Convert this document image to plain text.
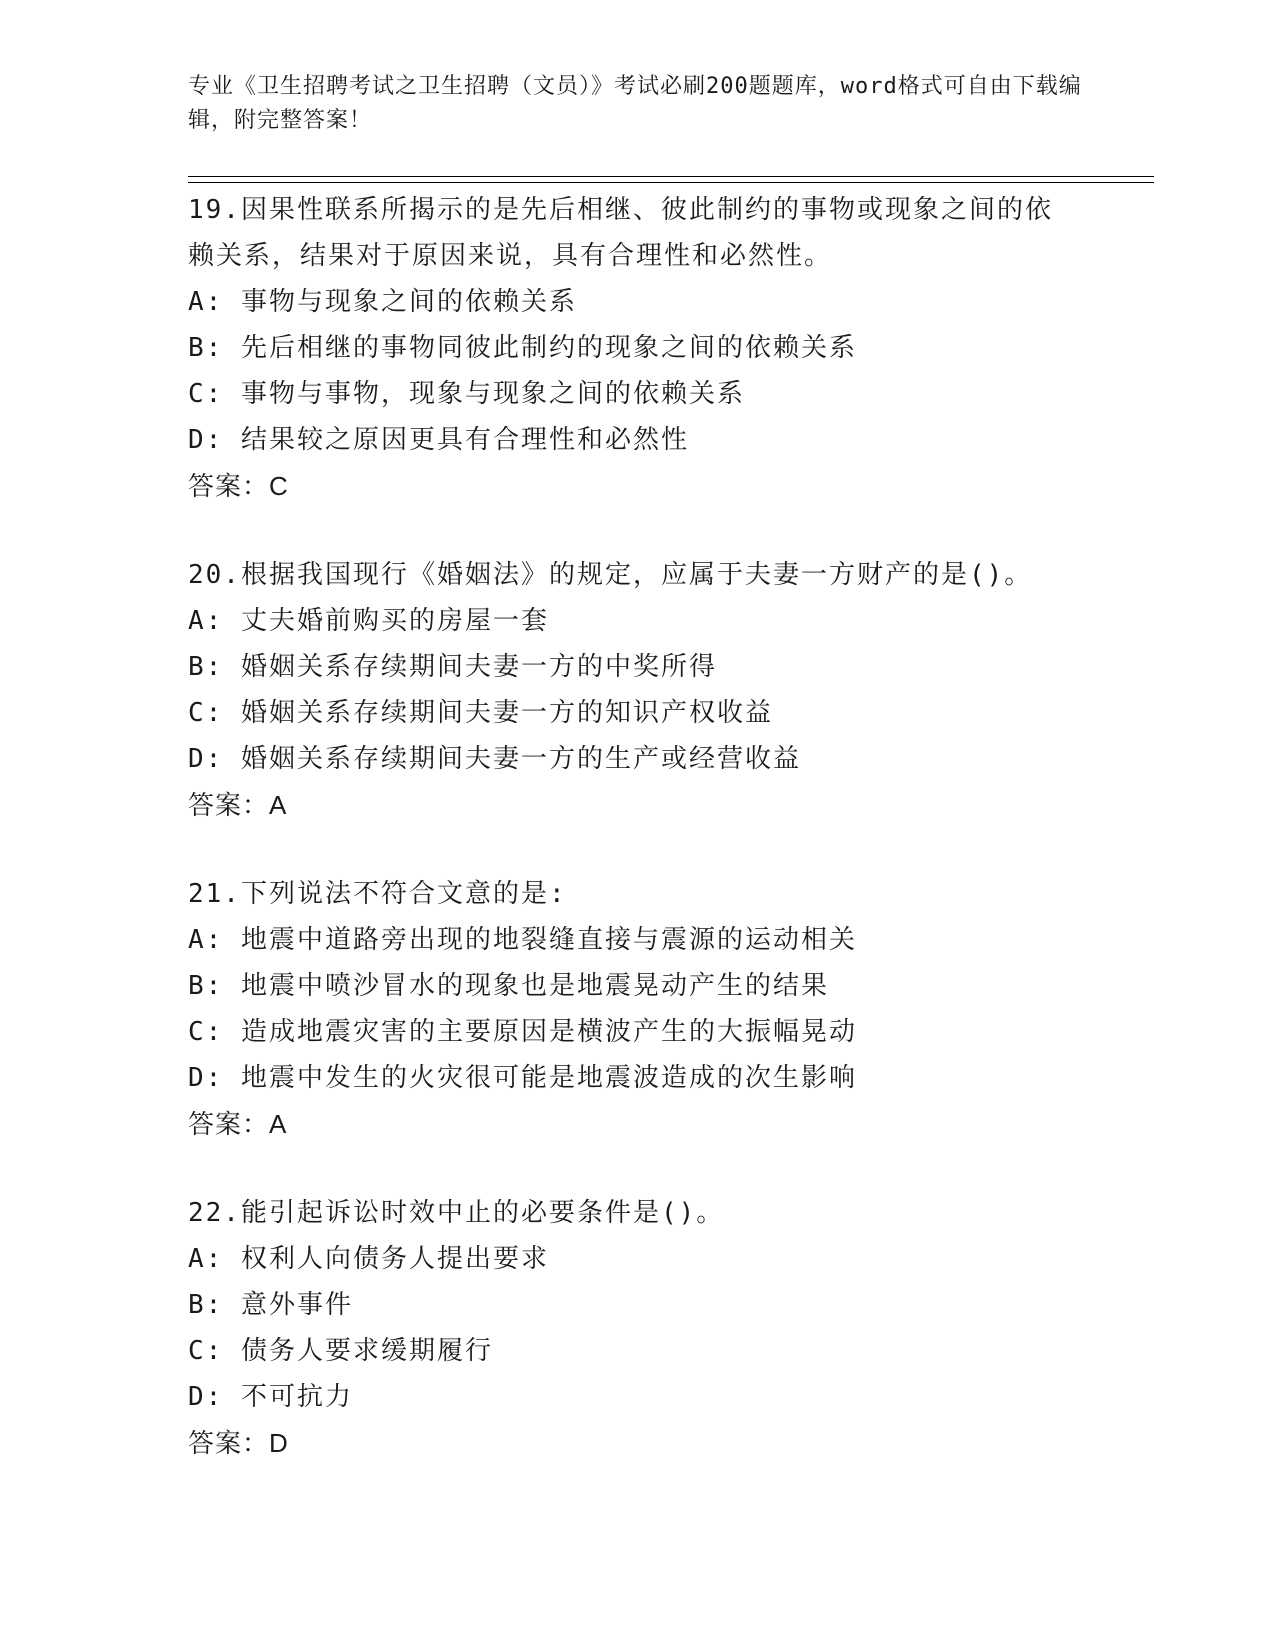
专业《卫生招聘考试之卫生招聘（文员）》考试必刷200题题库，word格式可自由下载编辑，附完整答案！
19.因果性联系所揭示的是先后相继、彼此制约的事物或现象之间的依赖关系，结果对于原因来说，具有合理性和必然性。
A: 事物与现象之间的依赖关系
B: 先后相继的事物同彼此制约的现象之间的依赖关系
C: 事物与事物，现象与现象之间的依赖关系
D: 结果较之原因更具有合理性和必然性
答案：C
20.根据我国现行《婚姻法》的规定，应属于夫妻一方财产的是()。
A: 丈夫婚前购买的房屋一套
B: 婚姻关系存续期间夫妻一方的中奖所得
C: 婚姻关系存续期间夫妻一方的知识产权收益
D: 婚姻关系存续期间夫妻一方的生产或经营收益
答案：A
21.下列说法不符合文意的是:
A: 地震中道路旁出现的地裂缝直接与震源的运动相关
B: 地震中喷沙冒水的现象也是地震晃动产生的结果
C: 造成地震灾害的主要原因是横波产生的大振幅晃动
D: 地震中发生的火灾很可能是地震波造成的次生影响
答案：A
22.能引起诉讼时效中止的必要条件是()。
A: 权利人向债务人提出要求
B: 意外事件
C: 债务人要求缓期履行
D: 不可抗力
答案：D
